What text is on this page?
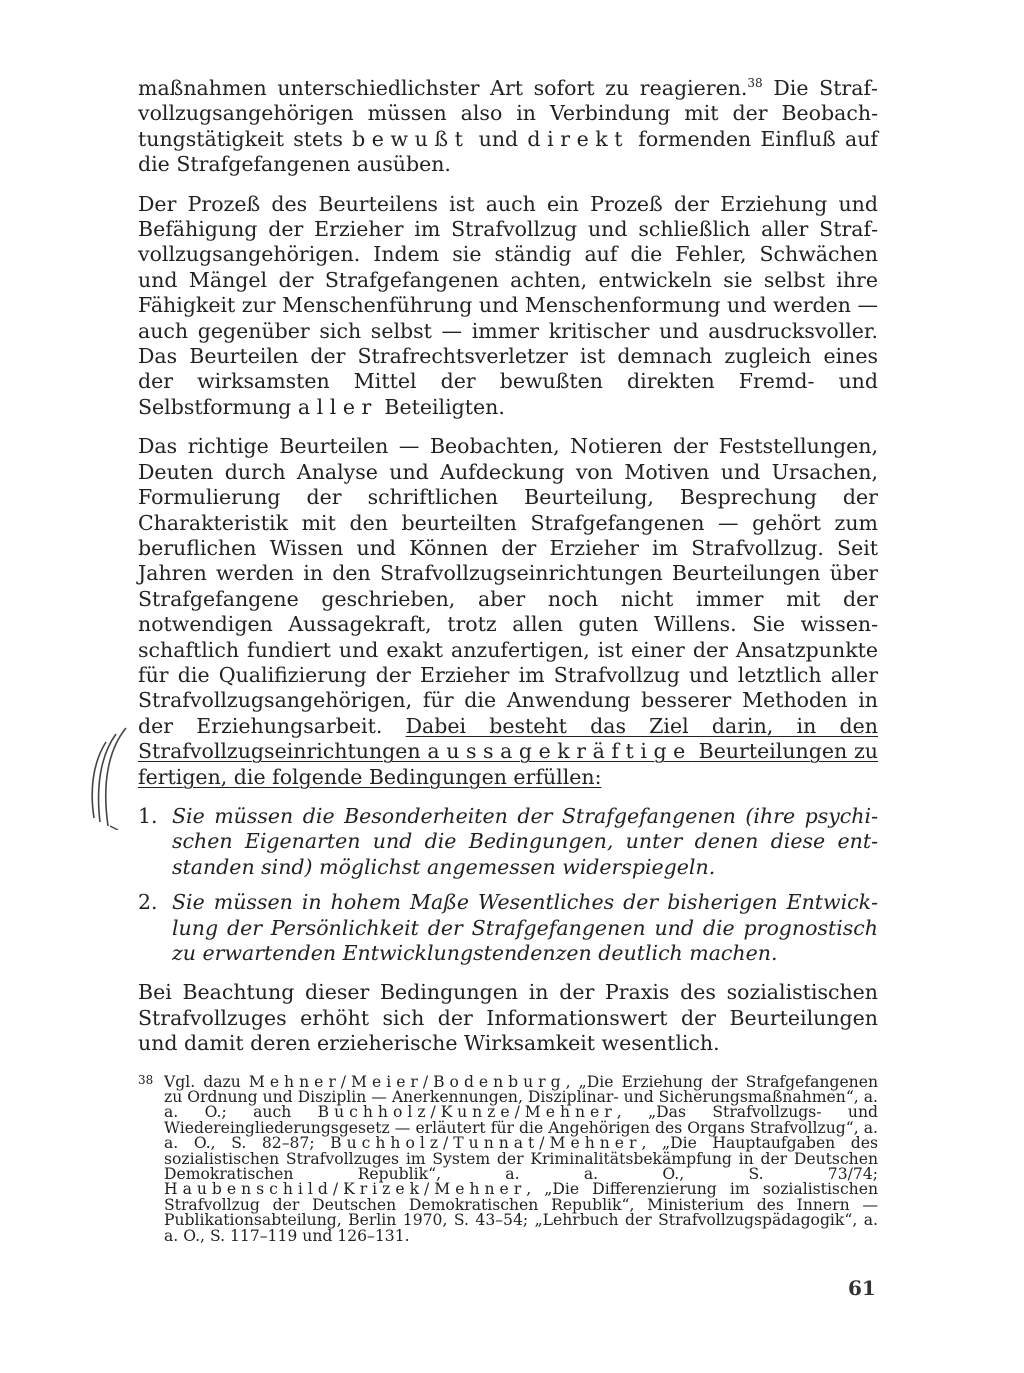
maßnahmen unterschiedlichster Art sofort zu reagieren.$^{38}$ Die Strafvollzugsangehörigen müssen also in Verbindung mit der Beobachtungstätigkeit stets bewußt und direkt formenden Einfluß auf die Strafgefangenen ausüben.

Der Prozeß des Beurteilens ist auch ein Prozeß der Erziehung und Befähigung der Erzieher im Strafvollzug und schließlich aller Strafvollzugsangehörigen. Indem sie ständig auf die Fehler, Schwächen und Mängel der Strafgefangenen achten, entwickeln sie selbst ihre Fähigkeit zur Menschenführung und Menschenformung und werden — auch gegenüber sich selbst — immer kritischer und ausdrucksvoller. Das Beurteilen der Strafrechtsverletzer ist demnach zugleich eines der wirksamsten Mittel der bewußten direkten Fremd- und Selbstformung aller Beteiligten.

Das richtige Beurteilen — Beobachten, Notieren der Feststellungen, Deuten durch Analyse und Aufdeckung von Motiven und Ursachen, Formulierung der schriftlichen Beurteilung, Besprechung der Charakteristik mit den beurteilten Strafgefangenen — gehört zum beruflichen Wissen und Können der Erzieher im Strafvollzug. Seit Jahren werden in den Strafvollzugseinrichtungen Beurteilungen über Strafgefangene geschrieben, aber noch nicht immer mit der notwendigen Aussagekraft, trotz allen guten Willens. Sie wissenschaftlich fundiert und exakt anzufertigen, ist einer der Ansatzpunkte für die Qualifizierung der Erzieher im Strafvollzug und letztlich aller Strafvollzugsangehörigen, für die Anwendung besserer Methoden in der Erziehungsarbeit. Dabei besteht das Ziel darin, in den Strafvollzugseinrichtungen aussagekräftige Beurteilungen zu fertigen, die folgende Bedingungen erfüllen:

1. Sie müssen die Besonderheiten der Strafgefangenen (ihre psychischen Eigenarten und die Bedingungen, unter denen diese entstanden sind) möglichst angemessen widerspiegeln.
2. Sie müssen in hohem Maße Wesentliches der bisherigen Entwicklung der Persönlichkeit der Strafgefangenen und die prognostisch zu erwartenden Entwicklungstendenzen deutlich machen.

Bei Beachtung dieser Bedingungen in der Praxis des sozialistischen Strafvollzuges erhöht sich der Informationswert der Beurteilungen und damit deren erzieherische Wirksamkeit wesentlich.

38 Vgl. dazu Mehner/Meier/Bodenburg, „Die Erziehung der Strafgefangenen zu Ordnung und Disziplin — Anerkennungen, Disziplinar- und Sicherungsmaßnahmen“, a. a. O.; auch Buchholz/Kunze/Mehner, „Das Strafvollzugs- und Wiedereingliederungsgesetz — erläutert für die Angehörigen des Organs Strafvollzug“, a. a. O., S. 82–87; Buchholz/Tunnat/Mehner, „Die Hauptaufgaben des sozialistischen Strafvollzuges im System der Kriminalitätsbekämpfung in der Deutschen Demokratischen Republik“, a. a. O., S. 73/74; Haubenschild/Krizek/Mehner, „Die Differenzierung im sozialistischen Strafvollzug der Deutschen Demokratischen Republik“, Ministerium des Innern — Publikationsabteilung, Berlin 1970, S. 43–54; „Lehrbuch der Strafvollzugspädagogik“, a. a. O., S. 117–119 und 126–131.
61
